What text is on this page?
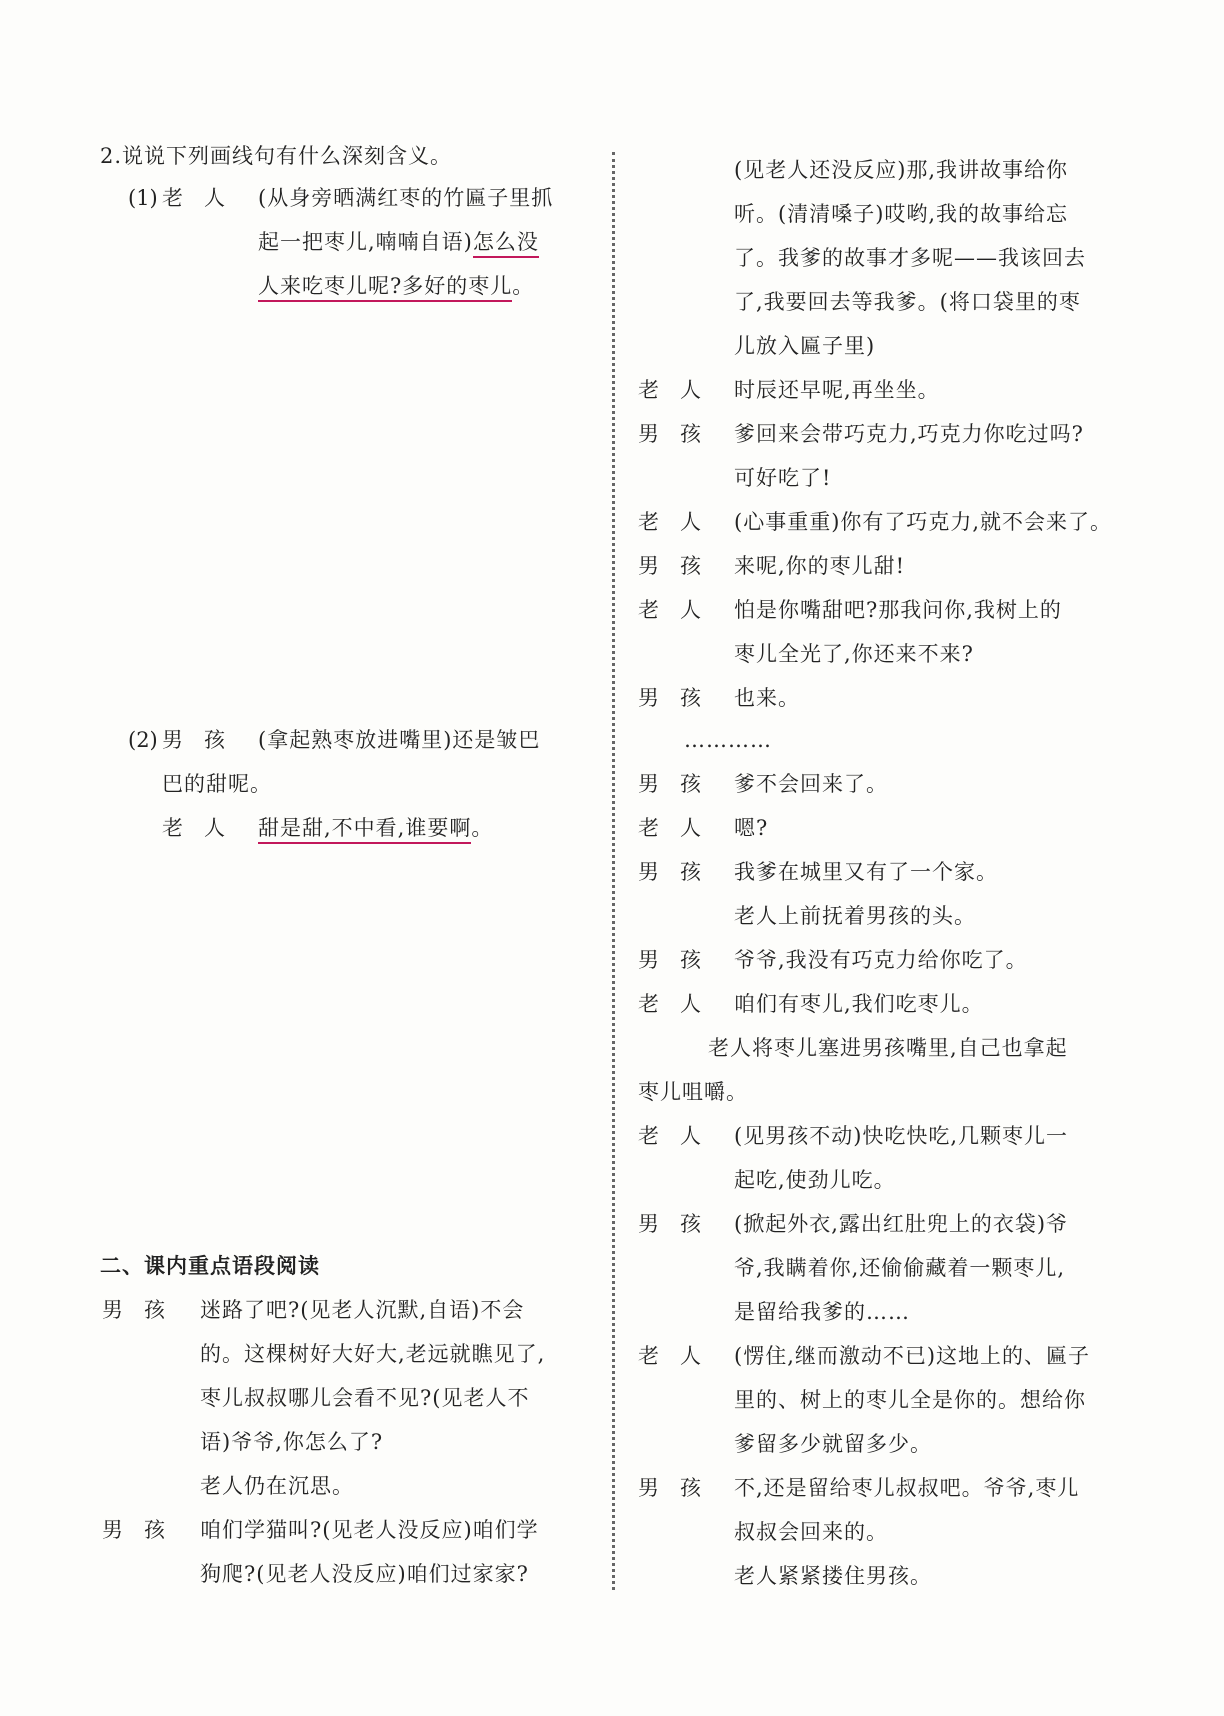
2.说说下列画线句有什么深刻含义。
(1) 老　人 (从身旁晒满红枣的竹匾子里抓
起一把枣儿,喃喃自语)怎么没
人来吃枣儿呢?多好的枣儿。
(2) 男　孩 (拿起熟枣放进嘴里)还是皱巴
巴的甜呢。
老　人 甜是甜,不中看,谁要啊。
二、课内重点语段阅读
男　孩 迷路了吧?(见老人沉默,自语)不会
的。这棵树好大好大,老远就瞧见了,
枣儿叔叔哪儿会看不见?(见老人不
语)爷爷,你怎么了?
老人仍在沉思。
男　孩 咱们学猫叫?(见老人没反应)咱们学
狗爬?(见老人没反应)咱们过家家?
(见老人还没反应)那,我讲故事给你
听。(清清嗓子)哎哟,我的故事给忘
了。我爹的故事才多呢——我该回去
了,我要回去等我爹。(将口袋里的枣
儿放入匾子里)
老　人 时辰还早呢,再坐坐。
男　孩 爹回来会带巧克力,巧克力你吃过吗?
可好吃了!
老　人 (心事重重)你有了巧克力,就不会来了。
男　孩 来呢,你的枣儿甜!
老　人 怕是你嘴甜吧?那我问你,我树上的
枣儿全光了,你还来不来?
男　孩 也来。
…………
男　孩 爹不会回来了。
老　人 嗯?
男　孩 我爹在城里又有了一个家。
老人上前抚着男孩的头。
男　孩 爷爷,我没有巧克力给你吃了。
老　人 咱们有枣儿,我们吃枣儿。
老人将枣儿塞进男孩嘴里,自己也拿起
枣儿咀嚼。
老　人 (见男孩不动)快吃快吃,几颗枣儿一
起吃,使劲儿吃。
男　孩 (掀起外衣,露出红肚兜上的衣袋)爷
爷,我瞒着你,还偷偷藏着一颗枣儿,
是留给我爹的……
老　人 (愣住,继而激动不已)这地上的、匾子
里的、树上的枣儿全是你的。想给你
爹留多少就留多少。
男　孩 不,还是留给枣儿叔叔吧。爷爷,枣儿
叔叔会回来的。
老人紧紧搂住男孩。
